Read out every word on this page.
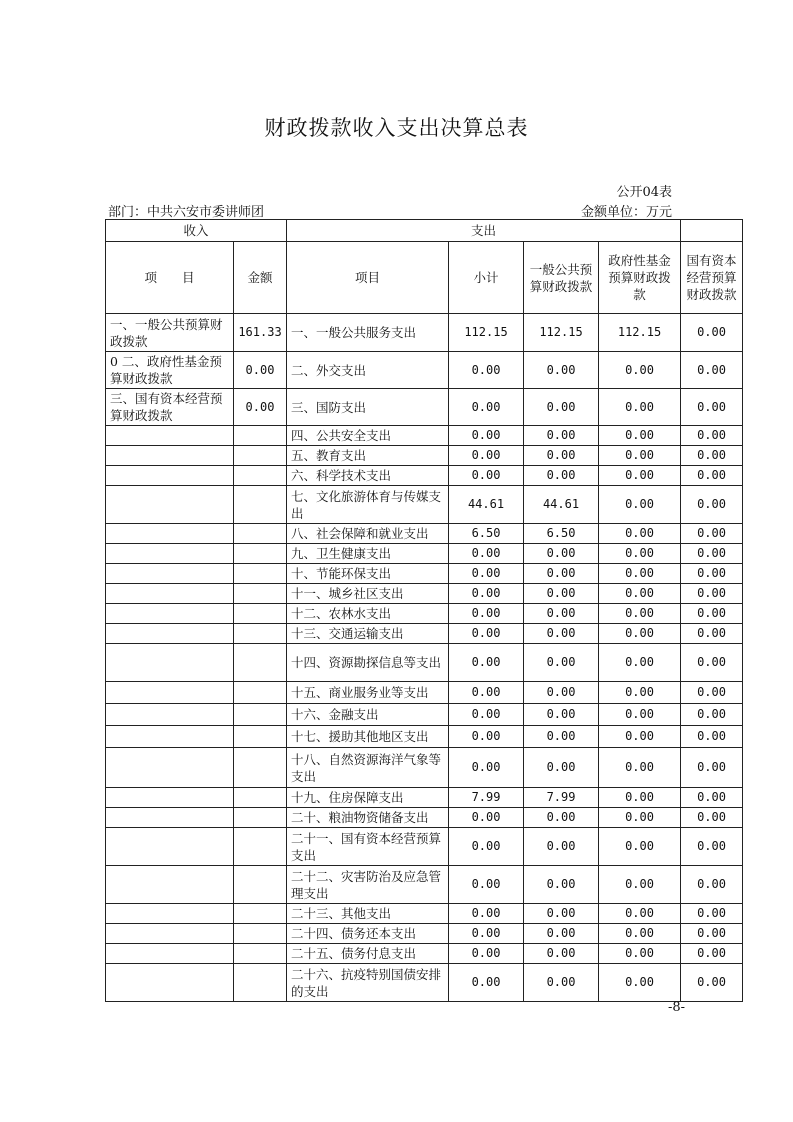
财政拨款收入支出决算总表
公开04表
部门：中共六安市委讲师团	金额单位：万元
收入		支出				
项　　目	金额	项目	小计	一般公共预算财政拨款	政府性基金预算财政拨款	国有资本经营预算财政拨款
一、一般公共预算财政拨款	161.33	一、一般公共服务支出	112.15	112.15	112.15	0.00
0 二、政府性基金预算财政拨款	0.00	二、外交支出	0.00	0.00	0.00	0.00
三、国有资本经营预算财政拨款	0.00	三、国防支出	0.00	0.00	0.00	0.00
		四、公共安全支出	0.00	0.00	0.00	0.00
		五、教育支出	0.00	0.00	0.00	0.00
		六、科学技术支出	0.00	0.00	0.00	0.00
		七、文化旅游体育与传媒支出	44.61	44.61	0.00	0.00
		八、社会保障和就业支出	6.50	6.50	0.00	0.00
		九、卫生健康支出	0.00	0.00	0.00	0.00
		十、节能环保支出	0.00	0.00	0.00	0.00
		十一、城乡社区支出	0.00	0.00	0.00	0.00
		十二、农林水支出	0.00	0.00	0.00	0.00
		十三、交通运输支出	0.00	0.00	0.00	0.00
		十四、资源勘探信息等支出	0.00	0.00	0.00	0.00
		十五、商业服务业等支出	0.00	0.00	0.00	0.00
		十六、金融支出	0.00	0.00	0.00	0.00
		十七、援助其他地区支出	0.00	0.00	0.00	0.00
		十八、自然资源海洋气象等支出	0.00	0.00	0.00	0.00
		十九、住房保障支出	7.99	7.99	0.00	0.00
		二十、粮油物资储备支出	0.00	0.00	0.00	0.00
		二十一、国有资本经营预算支出	0.00	0.00	0.00	0.00
		二十二、灾害防治及应急管理支出	0.00	0.00	0.00	0.00
		二十三、其他支出	0.00	0.00	0.00	0.00
		二十四、债务还本支出	0.00	0.00	0.00	0.00
		二十五、债务付息支出	0.00	0.00	0.00	0.00
		二十六、抗疫特别国债安排的支出	0.00	0.00	0.00	0.00
-8-
